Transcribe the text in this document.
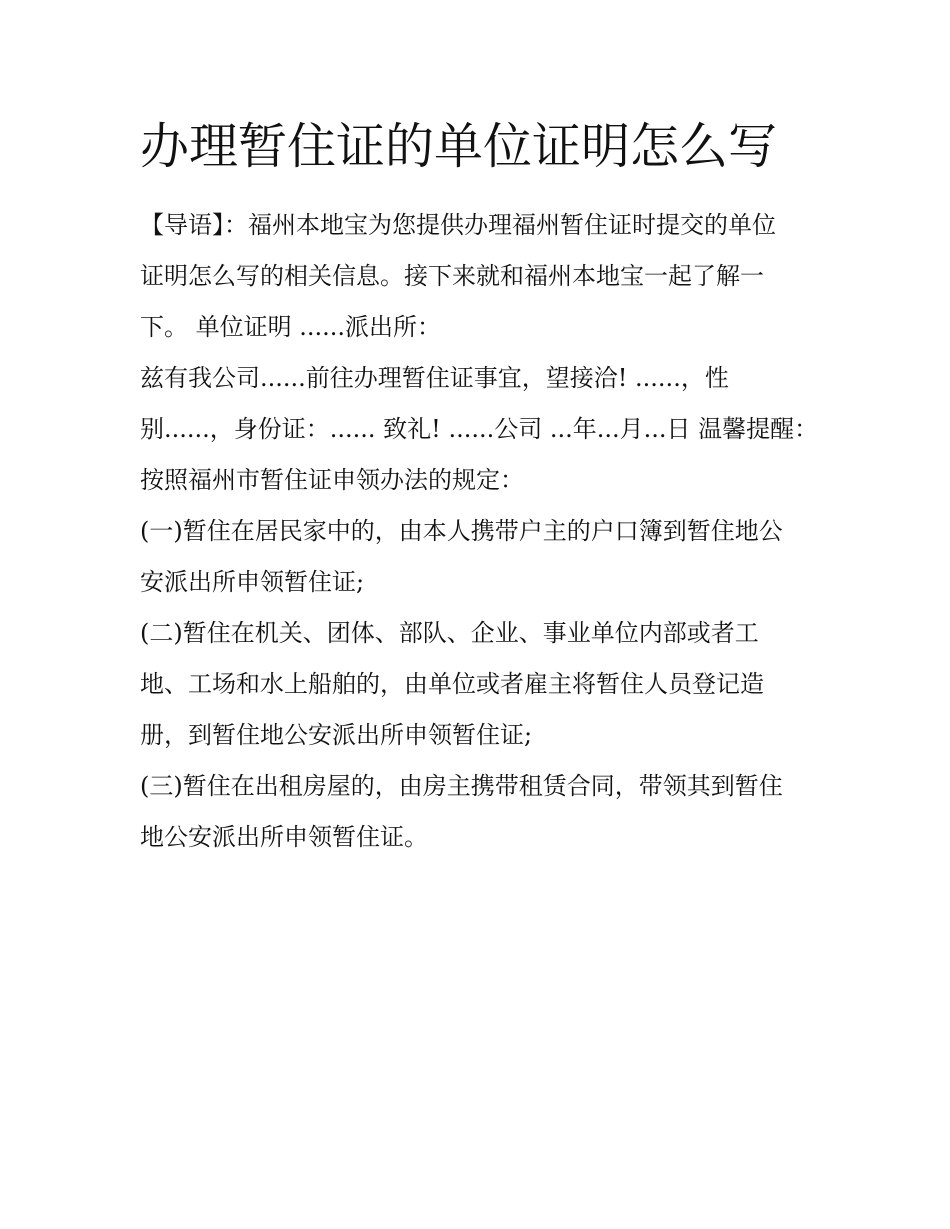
办理暂住证的单位证明怎么写
【导语】：福州本地宝为您提供办理福州暂住证时提交的单位
证明怎么写的相关信息。接下来就和福州本地宝一起了解一
下。 单位证明 ......派出所：
兹有我公司......前往办理暂住证事宜，望接洽! ......，性
别......，身份证：...... 致礼! ......公司 ...年...月...日 温馨提醒：
按照福州市暂住证申领办法的规定：
(一)暂住在居民家中的，由本人携带户主的户口簿到暂住地公
安派出所申领暂住证;
(二)暂住在机关、团体、部队、企业、事业单位内部或者工
地、工场和水上船舶的，由单位或者雇主将暂住人员登记造
册，到暂住地公安派出所申领暂住证;
(三)暂住在出租房屋的，由房主携带租赁合同，带领其到暂住
地公安派出所申领暂住证。
